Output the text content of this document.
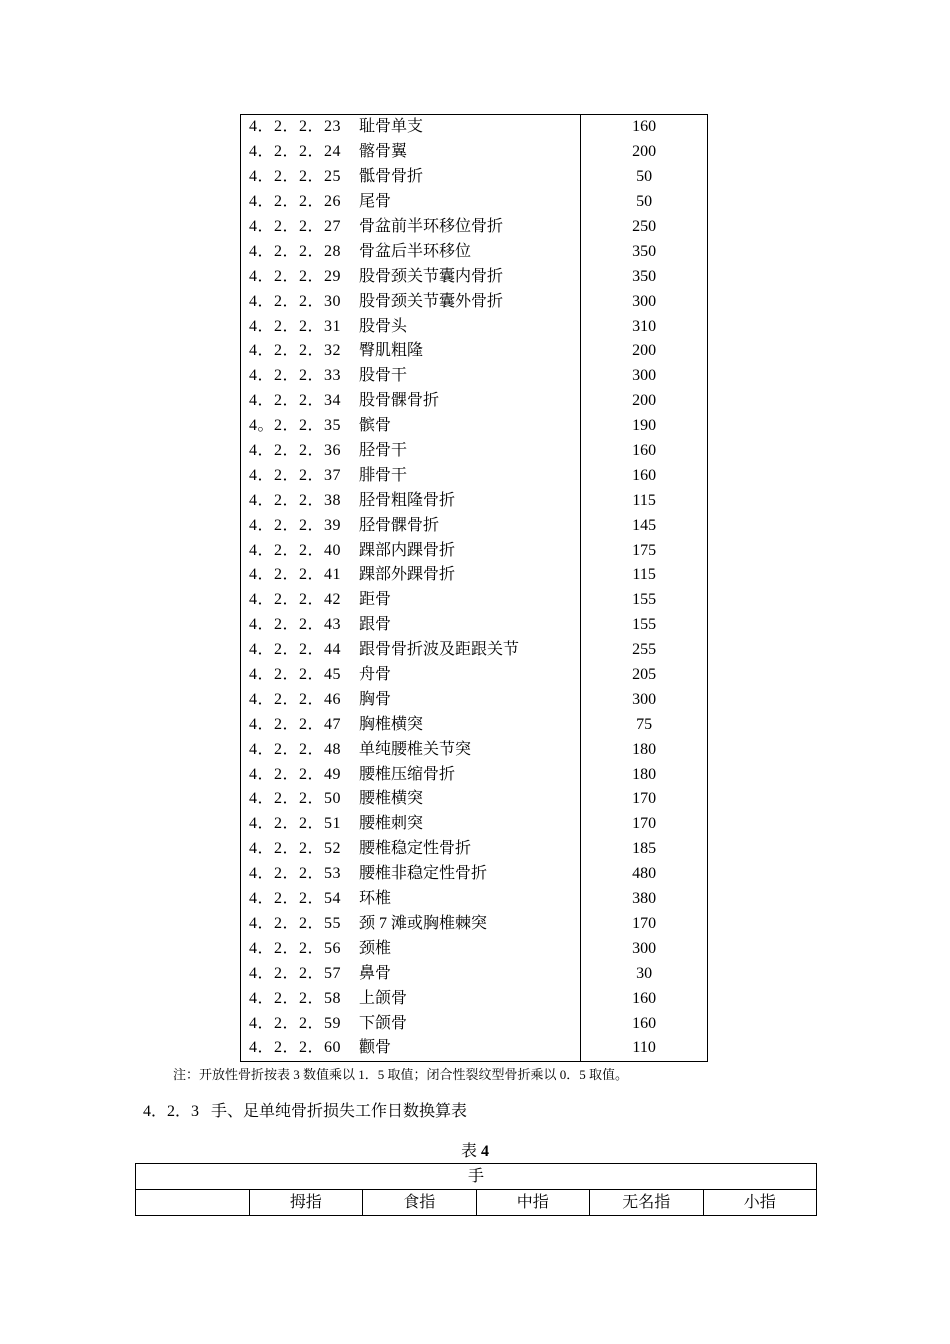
4．2．2．23 耻骨单支	160
4．2．2．24 髂骨翼	200
4．2．2．25 骶骨骨折	50
4．2．2．26 尾骨	50
4．2．2．27 骨盆前半环移位骨折	250
4．2．2．28 骨盆后半环移位	350
4．2．2．29 股骨颈关节囊内骨折	350
4．2．2．30 股骨颈关节囊外骨折	300
4．2．2．31 股骨头	310
4．2．2．32 臀肌粗隆	200
4．2．2．33 股骨干	300
4．2．2．34 股骨髁骨折	200
4。2．2．35 髌骨	190
4．2．2．36 胫骨干	160
4．2．2．37 腓骨干	160
4．2．2．38 胫骨粗隆骨折	115
4．2．2．39 胫骨髁骨折	145
4．2．2．40 踝部内踝骨折	175
4．2．2．41 踝部外踝骨折	115
4．2．2．42 距骨	155
4．2．2．43 跟骨	155
4．2．2．44 跟骨骨折波及距跟关节	255
4．2．2．45 舟骨	205
4．2．2．46 胸骨	300
4．2．2．47 胸椎横突	75
4．2．2．48 单纯腰椎关节突	180
4．2．2．49 腰椎压缩骨折	180
4．2．2．50 腰椎横突	170
4．2．2．51 腰椎刺突	170
4．2．2．52 腰椎稳定性骨折	185
4．2．2．53 腰椎非稳定性骨折	480
4．2．2．54 环椎	380
4．2．2．55 颈 7 滩或胸椎棘突	170
4．2．2．56 颈椎	300
4．2．2．57 鼻骨	30
4．2．2．58 上颌骨	160
4．2．2．59 下颌骨	160
4．2．2．60 颧骨	110
注：开放性骨折按表 3 数值乘以 1．5 取值；闭合性裂纹型骨折乘以 0．5 取值。
4．2．3 手、足单纯骨折损失工作日数换算表
表 4
手
	拇指	食指	中指	无名指	小指
